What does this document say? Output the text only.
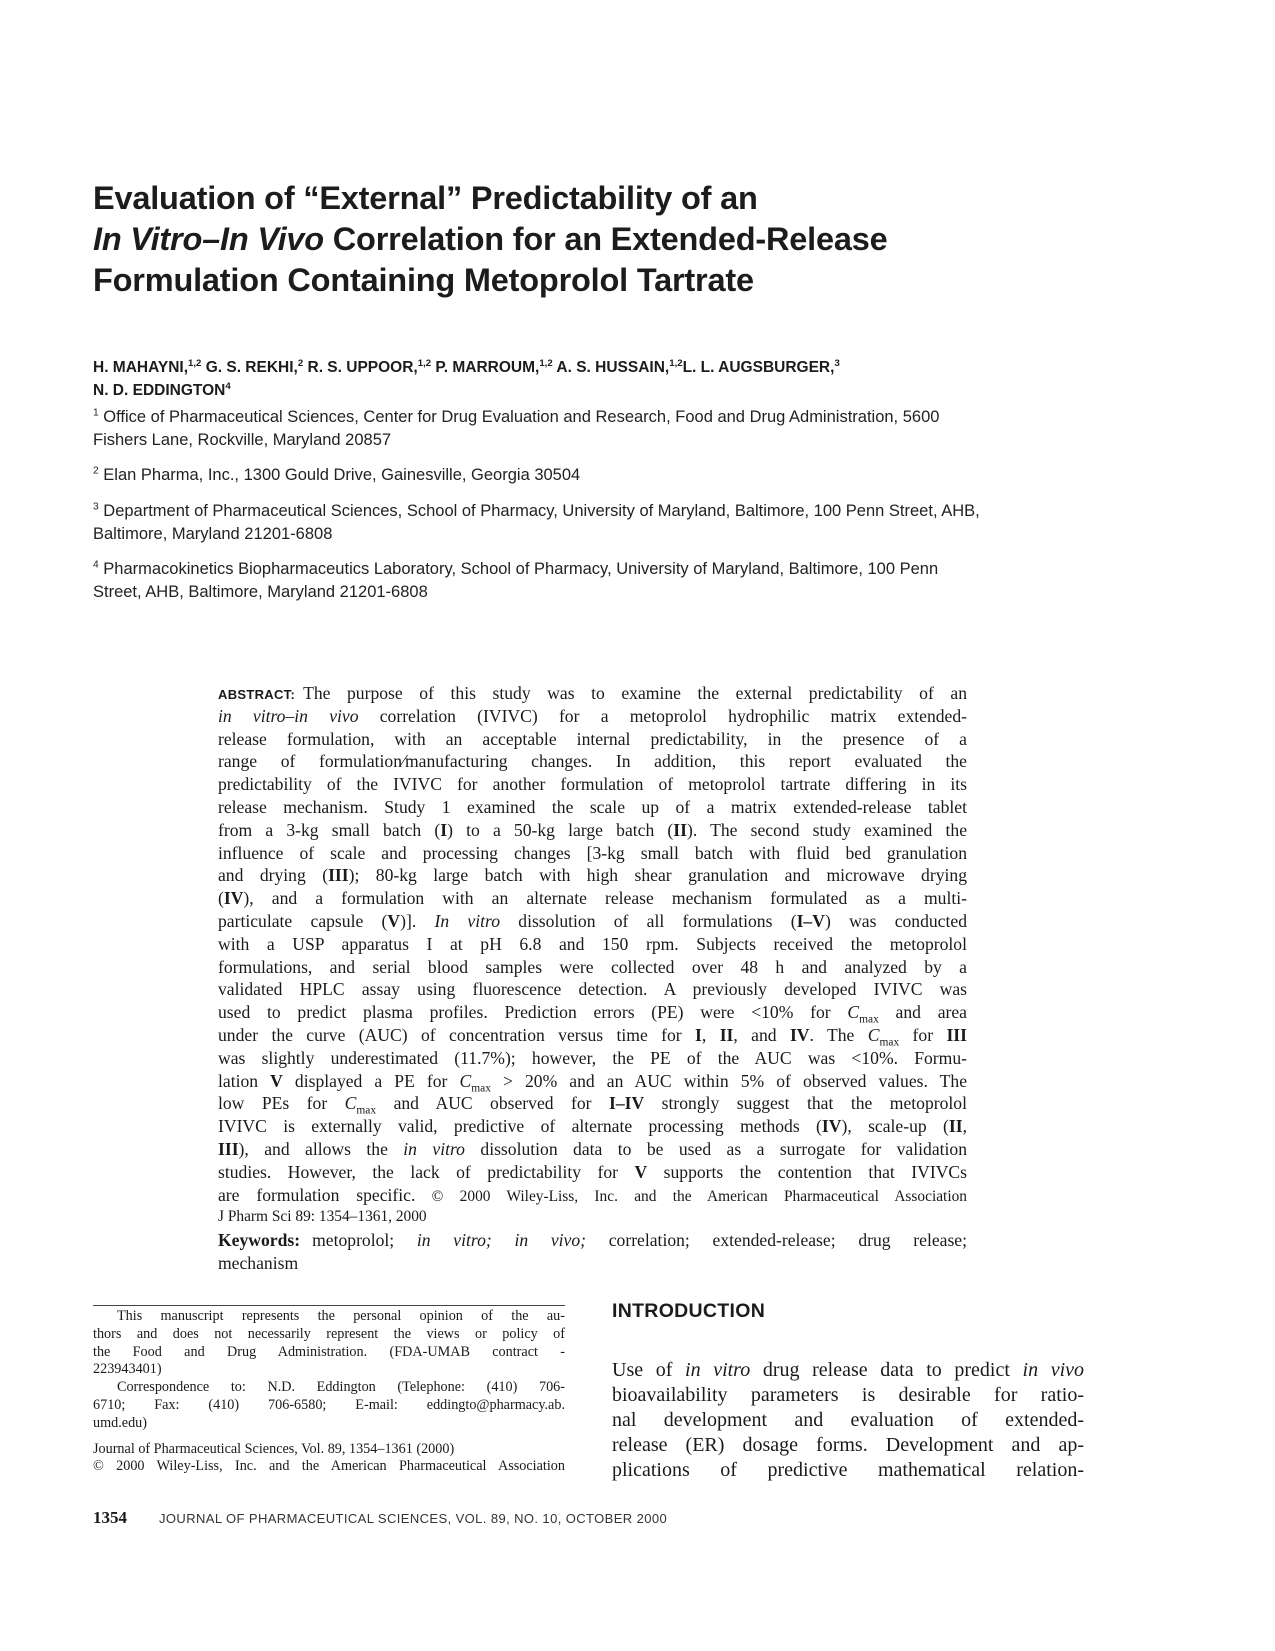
Evaluation of “External” Predictability of an
In Vitro–In Vivo Correlation for an Extended-Release
Formulation Containing Metoprolol Tartrate
H. MAHAYNI,$^{1,2}$ G. S. REKHI,$^2$ R. S. UPPOOR,$^{1,2}$ P. MARROUM,$^{1,2}$ A. S. HUSSAIN,$^{1,2}$L. L. AUGSBURGER,$^3$
N. D. EDDINGTON$^4$
$^1$ Office of Pharmaceutical Sciences, Center for Drug Evaluation and Research, Food and Drug Administration, 5600
Fishers Lane, Rockville, Maryland 20857
$^2$ Elan Pharma, Inc., 1300 Gould Drive, Gainesville, Georgia 30504
$^3$ Department of Pharmaceutical Sciences, School of Pharmacy, University of Maryland, Baltimore, 100 Penn Street, AHB,
Baltimore, Maryland 21201-6808
$^4$ Pharmacokinetics Biopharmaceutics Laboratory, School of Pharmacy, University of Maryland, Baltimore, 100 Penn
Street, AHB, Baltimore, Maryland 21201-6808
ABSTRACT: The purpose of this study was to examine the external predictability of an
in vitro–in vivo correlation (IVIVC) for a metoprolol hydrophilic matrix extended-
release formulation, with an acceptable internal predictability, in the presence of a
range of formulation⁄manufacturing changes. In addition, this report evaluated the
predictability of the IVIVC for another formulation of metoprolol tartrate differing in its
release mechanism. Study 1 examined the scale up of a matrix extended-release tablet
from a 3-kg small batch (I) to a 50-kg large batch (II). The second study examined the
influence of scale and processing changes [3-kg small batch with fluid bed granulation
and drying (III); 80-kg large batch with high shear granulation and microwave drying
(IV), and a formulation with an alternate release mechanism formulated as a multi-
particulate capsule (V)]. In vitro dissolution of all formulations (I–V) was conducted
with a USP apparatus I at pH 6.8 and 150 rpm. Subjects received the metoprolol
formulations, and serial blood samples were collected over 48 h and analyzed by a
validated HPLC assay using fluorescence detection. A previously developed IVIVC was
used to predict plasma profiles. Prediction errors (PE) were <10% for $C_{max}$ and area
under the curve (AUC) of concentration versus time for I, II, and IV. The $C_{max}$ for III
was slightly underestimated (11.7%); however, the PE of the AUC was <10%. Formu-
lation V displayed a PE for $C_{max} > 20\%$ and an AUC within 5% of observed values. The
low PEs for $C_{max}$ and AUC observed for I–IV strongly suggest that the metoprolol
IVIVC is externally valid, predictive of alternate processing methods (IV), scale-up (II,
III), and allows the in vitro dissolution data to be used as a surrogate for validation
studies. However, the lack of predictability for V supports the contention that IVIVCs
are formulation specific. © 2000 Wiley-Liss, Inc. and the American Pharmaceutical Association
J Pharm Sci 89: 1354–1361, 2000
Keywords: metoprolol; in vitro; in vivo; correlation; extended-release; drug release;
mechanism
This manuscript represents the personal opinion of the au-
thors and does not necessarily represent the views or policy of
the Food and Drug Administration. (FDA-UMAB contract -
223943401)
Correspondence to: N.D. Eddington (Telephone: (410) 706-
6710; Fax: (410) 706-6580; E-mail: eddingto@pharmacy.ab.
umd.edu)
Journal of Pharmaceutical Sciences, Vol. 89, 1354–1361 (2000)
© 2000 Wiley-Liss, Inc. and the American Pharmaceutical Association
INTRODUCTION
Use of in vitro drug release data to predict in vivo
bioavailability parameters is desirable for ratio-
nal development and evaluation of extended-
release (ER) dosage forms. Development and ap-
plications of predictive mathematical relation-
1354 JOURNAL OF PHARMACEUTICAL SCIENCES, VOL. 89, NO. 10, OCTOBER 2000
